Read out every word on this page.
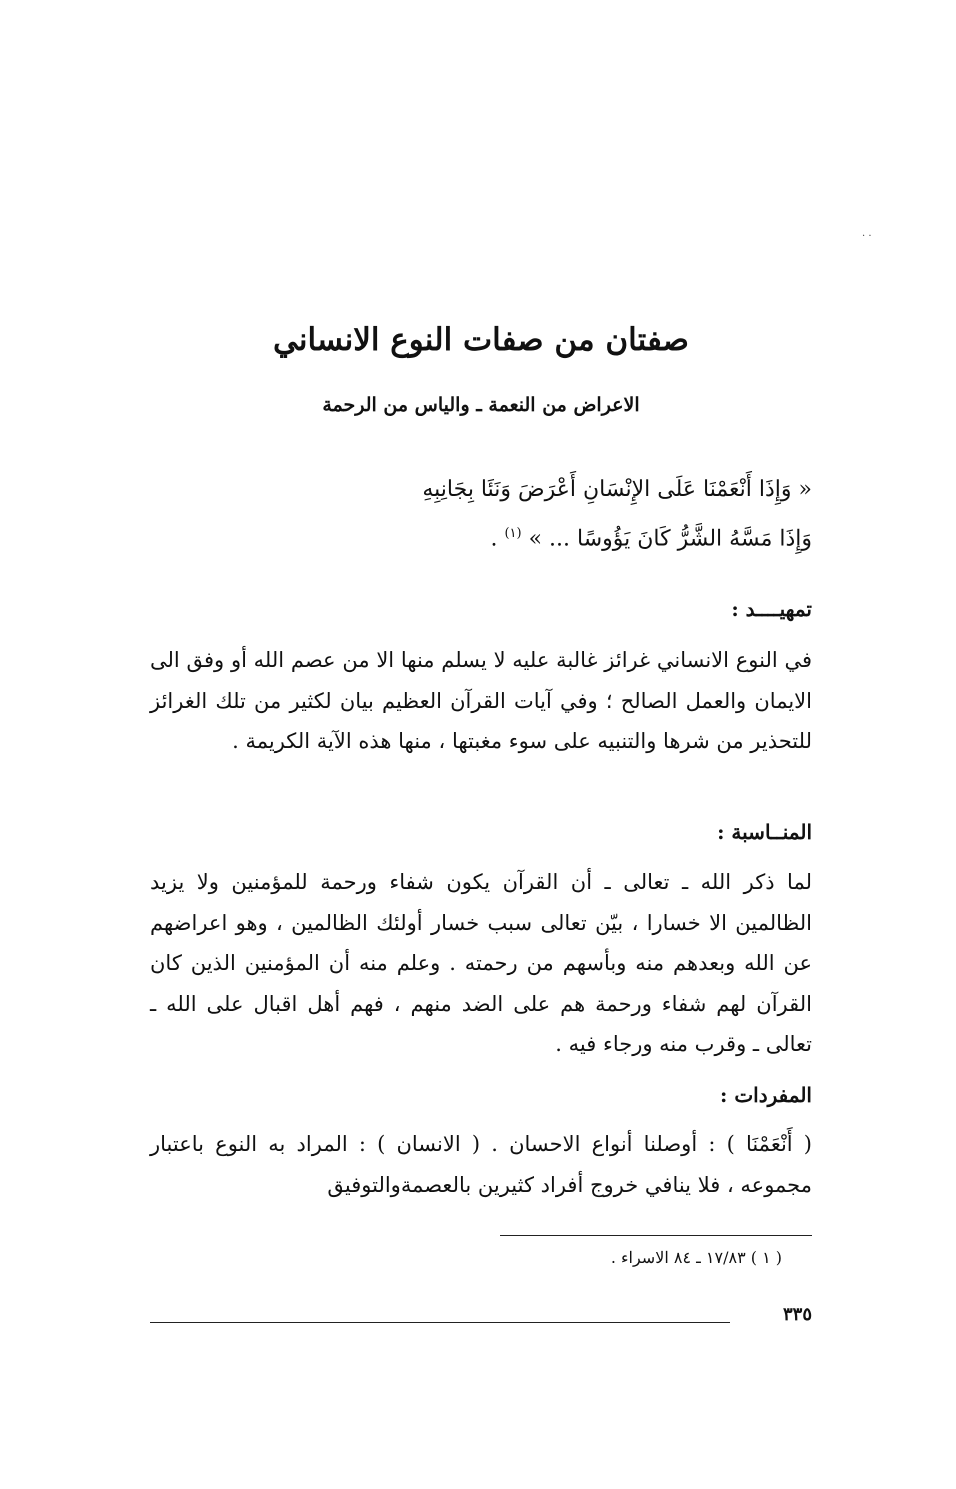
. .
صفتان من صفات النوع الانساني
الاعراض من النعمة ـ والياس من الرحمة

« وَإِذَا أَنْعَمْنَا عَلَى الإِنْسَانِ أَعْرَضَ وَنَئَا بِجَانِبِهِ
وَإِذَا مَسَّهُ الشَّرُّ كَانَ يَؤُوسًا ... » $^{(١)}$ .

تمهيــــد :

في النوع الانساني غرائز غالبة عليه لا يسلم منها الا من عصم الله أو وفق الى الايمان والعمل الصالح ؛ وفي آيات القرآن العظيم بيان لكثير من تلك الغرائز للتحذير من شرها والتنبيه على سوء مغبتها ، منها هذه الآية الكريمة .

المنــاسبة :

لما ذكر الله ـ تعالى ـ أن القرآن يكون شفاء ورحمة للمؤمنين ولا يزيد الظالمين الا خسارا ، بيّن تعالى سبب خسار أولئك الظالمين ، وهو اعراضهم عن الله وبعدهم منه وبأسهم من رحمته . وعلم منه أن المؤمنين الذين كان القرآن لهم شفاء ورحمة هم على الضد منهم ، فهم أهل اقبال على الله ـ تعالى ـ وقرب منه ورجاء فيه .

المفردات :

( أَنْعَمْنَا ) : أوصلنا أنواع الاحسان . ( الانسان ) : المراد به النوع باعتبار مجموعه ، فلا ينافي خروج أفراد كثيرين بالعصمةوالتوفيق

( ١ ) ١٧/٨٣ ـ ٨٤ الاسراء .

٣٣٥
